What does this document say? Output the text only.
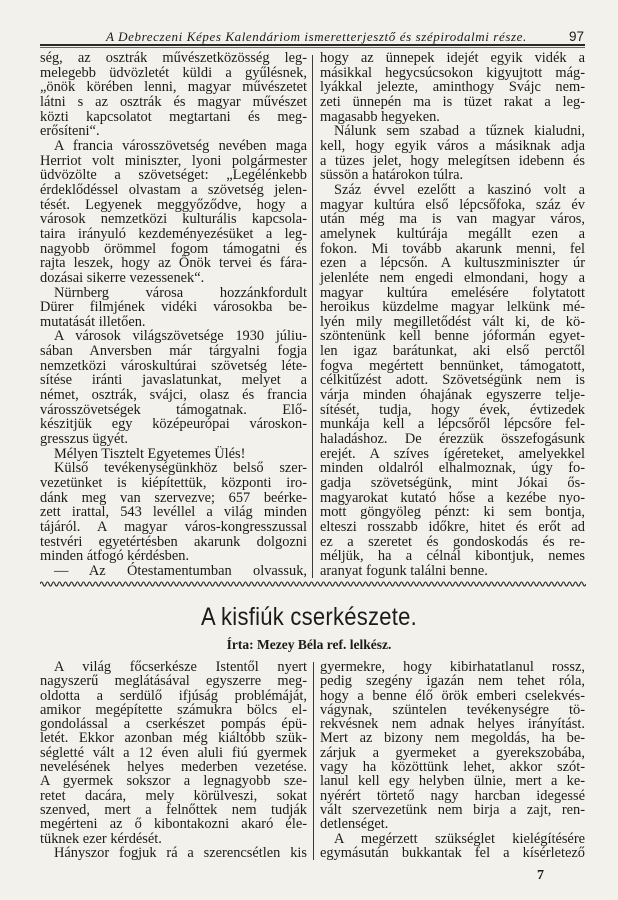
A Debreczeni Képes Kalendáriom ismeretterjesztő és szépirodalmi része.	97
ség, az osztrák művészetközösség leg-
melegebb üdvözletét küldi a gyűlésnek,
„önök körében lenni, magyar művészetet
látni s az osztrák és magyar művészet
közti kapcsolatot megtartani és meg-
erősíteni“.
A francia városszövetség nevében maga
Herriot volt miniszter, lyoni polgármester
üdvözölte a szövetséget: „Legélénkebb
érdeklődéssel olvastam a szövetség jelen-
tését. Legyenek meggyőződve, hogy a
városok nemzetközi kulturális kapcsola-
taira irányuló kezdeményezésüket a leg-
nagyobb örömmel fogom támogatni és
rajta leszek, hogy az Önök tervei és fára-
dozásai sikerre vezessenek“.
Nürnberg városa hozzánkfordult
Dürer filmjének vidéki városokba be-
mutatását illetően.
A városok világszövetsége 1930 júliu-
sában Anversben már tárgyalni fogja
nemzetközi városkultúrai szövetség léte-
sítése iránti javaslatunkat, melyet a
német, osztrák, svájci, olasz és francia
városszövetségek támogatnak. Elő-
készitjük egy középeurópai városkon-
gresszus ügyét.
Mélyen Tisztelt Egyetemes Ülés!
Külső tevékenységünkhöz belső szer-
vezetünket is kiépítettük, központi iro-
dánk meg van szervezve; 657 beérke-
zett irattal, 543 levéllel a világ minden
tájáról. A magyar város-kongresszussal
testvéri egyetértésben akarunk dolgozni
minden átfogó kérdésben.
— Az Ótestamentumban olvassuk,
hogy az ünnepek idejét egyik vidék a
másikkal hegycsúcsokon kigyujtott mág-
lyákkal jelezte, aminthogy Svájc nem-
zeti ünnepén ma is tüzet rakat a leg-
magasabb hegyeken.
Nálunk sem szabad a tűznek kialudni,
kell, hogy egyik város a másiknak adja
a tüzes jelet, hogy melegítsen idebenn és
süssön a határokon túlra.
Száz évvel ezelőtt a kaszinó volt a
magyar kultúra első lépcsőfoka, száz év
után még ma is van magyar város,
amelynek kultúrája megállt ezen a
fokon. Mi tovább akarunk menni, fel
ezen a lépcsőn. A kultuszminiszter úr
jelenléte nem engedi elmondani, hogy a
magyar kultúra emelésére folytatott
heroikus küzdelme magyar lelkünk mé-
lyén mily megilletődést vált ki, de kö-
szöntenünk kell benne jóformán egyet-
len igaz barátunkat, aki első perctől
fogva megértett bennünket, támogatott,
célkitűzést adott. Szövetségünk nem is
várja minden óhajának egyszerre telje-
sítését, tudja, hogy évek, évtizedek
munkája kell a lépcsőről lépcsőre fel-
haladáshoz. De érezzük összefogásunk
erejét. A szíves ígéreteket, amelyekkel
minden oldalról elhalmoznak, úgy fo-
gadja szövetségünk, mint Jókai ős-
magyarokat kutató hőse a kezébe nyo-
mott göngyöleg pénzt: ki sem bontja,
elteszi rosszabb időkre, hitet és erőt ad
ez a szeretet és gondoskodás és re-
méljük, ha a célnál kibontjuk, nemes
aranyat fogunk találni benne.
A kisfiúk cserkészete.
Írta: Mezey Béla ref. lelkész.
A világ főcserkésze Istentől nyert
nagyszerű meglátásával egyszerre meg-
oldotta a serdülő ifjúság problémáját,
amikor megépítette számukra bölcs el-
gondolással a cserkészet pompás épü-
letét. Ekkor azonban még kiáltóbb szük-
ségletté vált a 12 éven aluli fiú gyermek
nevelésének helyes mederben vezetése.
A gyermek sokszor a legnagyobb sze-
retet dacára, mely körülveszi, sokat
szenved, mert a felnőttek nem tudják
megérteni az ő kibontakozni akaró éle-
tüknek ezer kérdését.
Hányszor fogjuk rá a szerencsétlen kis
gyermekre, hogy kibirhatatlanul rossz,
pedig szegény igazán nem tehet róla,
hogy a benne élő örök emberi cselekvés-
vágynak, szüntelen tevékenységre tö-
rekvésnek nem adnak helyes irányítást.
Mert az bizony nem megoldás, ha be-
zárjuk a gyermeket a gyerekszobába,
vagy ha közöttünk lehet, akkor szót-
lanul kell egy helyben ülnie, mert a ke-
nyérért törtető nagy harcban idegessé
vált szervezetünk nem birja a zajt, ren-
detlenséget.
A megérzett szükséglet kielégítésére
egymásután bukkantak fel a kísérletező
7
